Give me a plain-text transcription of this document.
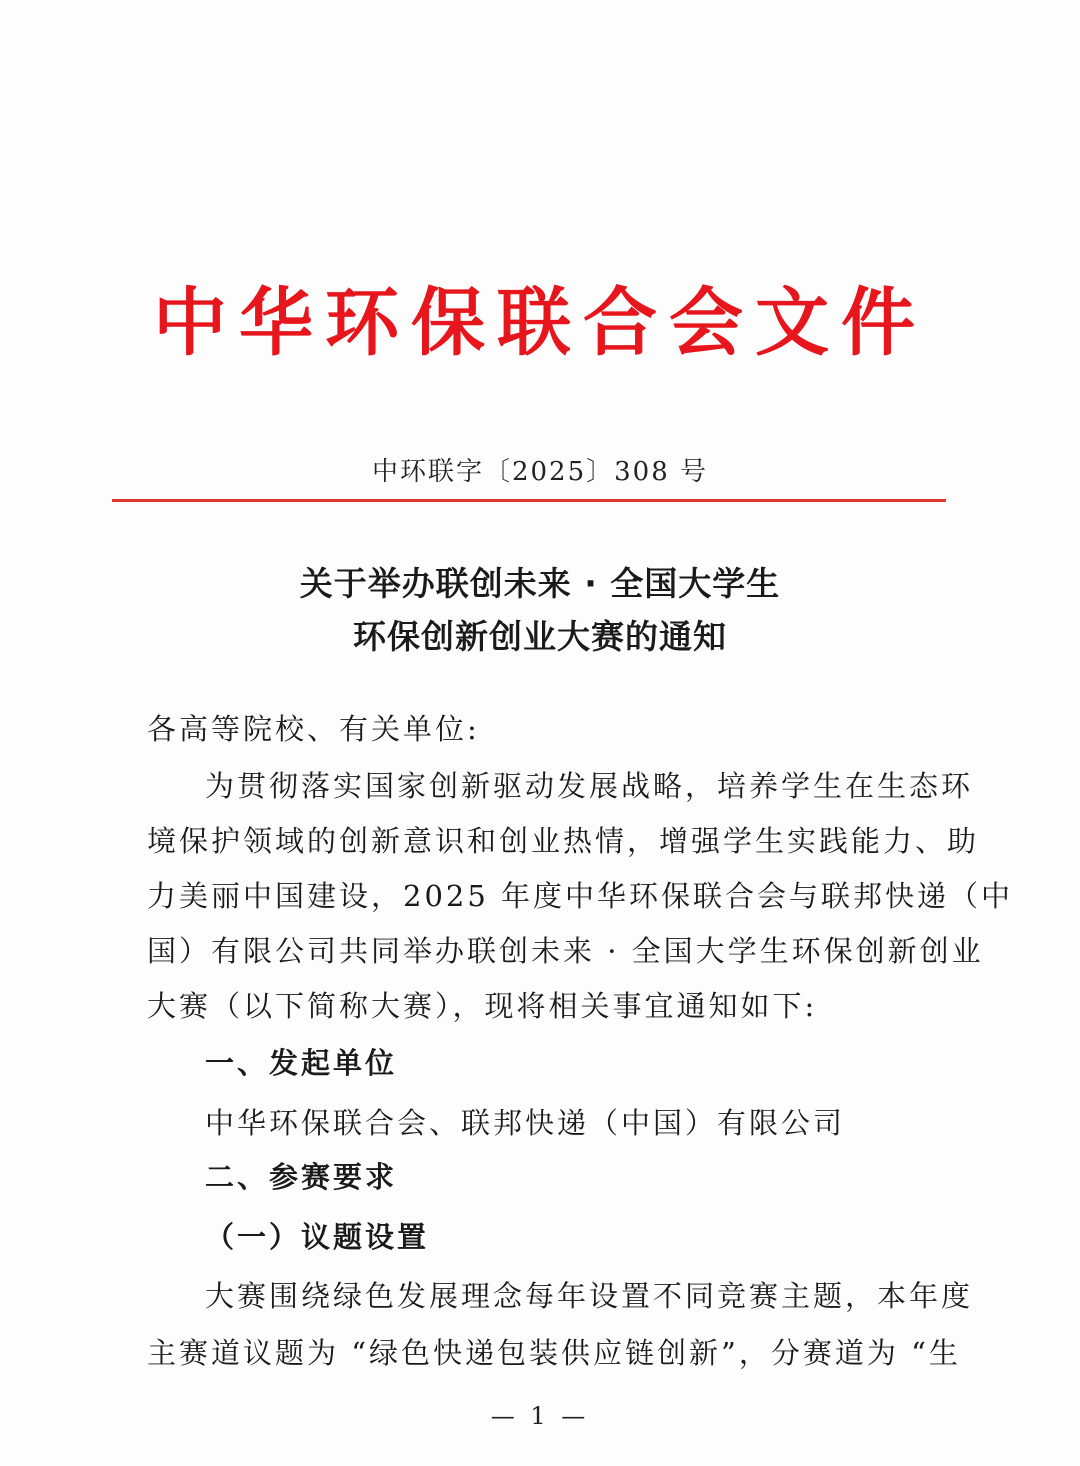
中华环保联合会文件
中环联字〔2025〕308 号
关于举办联创未来 · 全国大学生
环保创新创业大赛的通知
各高等院校、有关单位:
为贯彻落实国家创新驱动发展战略，培养学生在生态环
境保护领域的创新意识和创业热情，增强学生实践能力、助
力美丽中国建设，2025 年度中华环保联合会与联邦快递（中
国）有限公司共同举办联创未来 · 全国大学生环保创新创业
大赛（以下简称大赛），现将相关事宜通知如下:
一、发起单位
中华环保联合会、联邦快递（中国）有限公司
二、参赛要求
（一）议题设置
大赛围绕绿色发展理念每年设置不同竞赛主题，本年度
主赛道议题为 “绿色快递包装供应链创新”，分赛道为 “生
— 1 —
